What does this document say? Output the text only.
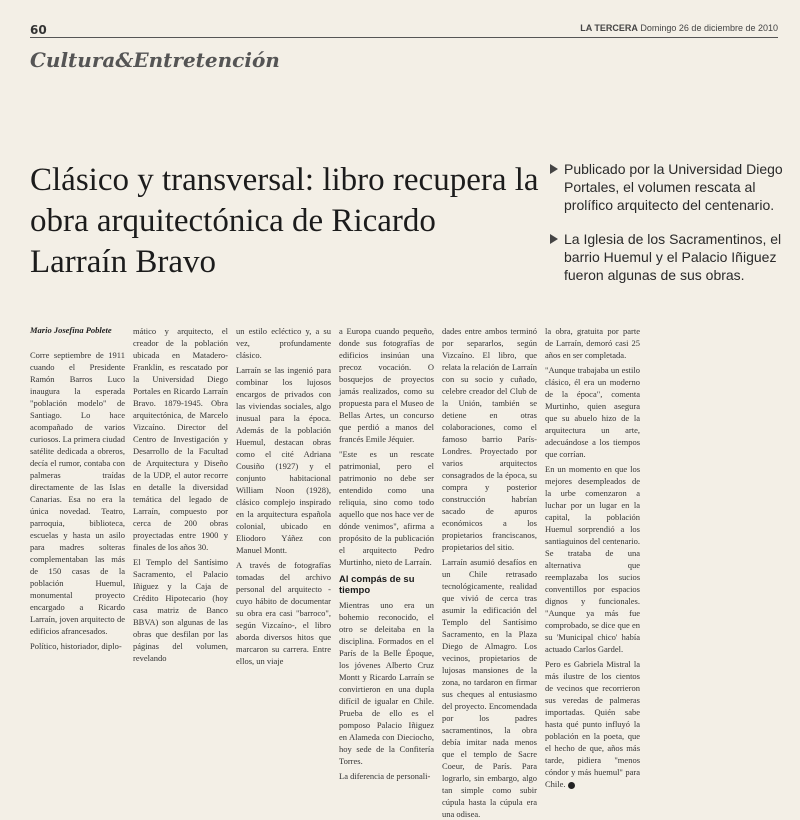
60	LA TERCERA Domingo 26 de diciembre de 2010
Cultura&Entretención
Clásico y transversal: libro recupera la obra arquitectónica de Ricardo Larraín Bravo
Publicado por la Universidad Diego Portales, el volumen rescata al prolífico arquitecto del centenario.
La Iglesia de los Sacramentinos, el barrio Huemul y el Palacio Iñiguez fueron algunas de sus obras.
Mario Josefina Poblete

Corre septiembre de 1911 cuando el Presidente Ramón Barros Luco inaugura la esperada "población modelo" de Santiago. Lo hace acompañado de varios curiosos. La primera ciudad satélite dedicada a obreros, decía el rumor, contaba con palmeras traídas directamente de las Islas Canarias. Esa no era la única novedad. Teatro, parroquia, biblioteca, escuelas y hasta un asilo para madres solteras complementaban las más de 150 casas de la población Huemul, monumental proyecto encargado a Ricardo Larraín, joven arquitecto de edificios afrancesados.

Político, historiador, diplo-

mático y arquitecto, el creador de la población ubicada en Matadero-Franklin, es rescatado por la Universidad Diego Portales en Ricardo Larraín Bravo. 1879-1945. Obra arquitectónica, de Marcelo Vizcaíno. Director del Centro de Investigación y Desarrollo de la Facultad de Arquitectura y Diseño de la UDP, el autor recorre en detalle la diversidad temática del legado de Larraín, compuesto por cerca de 200 obras proyectadas entre 1900 y finales de los años 30.

El Templo del Santísimo Sacramento, el Palacio Iñiguez y la Caja de Crédito Hipotecario (hoy casa matriz de Banco BBVA) son algunas de las obras que desfilan por las páginas del volumen, revelando

un estilo ecléctico y, a su vez, profundamente clásico.

Larraín se las ingenió para combinar los lujosos encargos de privados con las viviendas sociales, algo inusual para la época. Además de la población Huemul, destacan obras como el cité Adriana Cousiño (1927) y el conjunto habitacional William Noon (1928), clásico complejo inspirado en la arquitectura española colonial, ubicado en Eliodoro Yáñez con Manuel Montt.

A través de fotografías tomadas del archivo personal del arquitecto -cuyo hábito de documentar su obra era casi "barroco", según Vizcaíno-, el libro aborda diversos hitos que marcaron su carrera. Entre ellos, un viaje

a Europa cuando pequeño, donde sus fotografías de edificios insinúan una precoz vocación. O bosquejos de proyectos jamás realizados, como su propuesta para el Museo de Bellas Artes, un concurso que perdió a manos del francés Emile Jéquier.

"Este es un rescate patrimonial, pero el patrimonio no debe ser entendido como una reliquia, sino como todo aquello que nos hace ver de dónde venimos", afirma a propósito de la publicación el arquitecto Pedro Murtinho, nieto de Larraín.

Al compás de su tiempo

Mientras uno era un bohemio reconocido, el otro se deleitaba en la disciplina. Formados en el París de la Belle Époque, los jóvenes Alberto Cruz Montt y Ricardo Larraín se convirtieron en una dupla difícil de igualar en Chile. Prueba de ello es el pomposo Palacio Iñiguez en Alameda con Dieciocho, hoy sede de la Confitería Torres.

La diferencia de personali-

dades entre ambos terminó por separarlos, según Vizcaíno. El libro, que relata la relación de Larraín con su socio y cuñado, celebre creador del Club de la Unión, también se detiene en otras colaboraciones, como el famoso barrio París-Londres. Proyectado por varios arquitectos consagrados de la época, su compra y posterior construcción habrían sacado de apuros económicos a los propietarios franciscanos, propietarios del sitio.

Larraín asumió desafíos en un Chile retrasado tecnológicamente, realidad que vivió de cerca tras asumir la edificación del Templo del Santísimo Sacramento, en la Plaza Diego de Almagro. Los vecinos, propietarios de lujosas mansiones de la zona, no tardaron en firmar sus cheques al entusiasmo del proyecto. Encomendada por los padres sacramentinos, la obra debía imitar nada menos que el templo de Sacre Coeur, de París. Para lograrlo, sin embargo, algo tan simple como subir cúpula hasta la cúpula era una odisea.

la obra, gratuita por parte de Larraín, demoró casi 25 años en ser completada.

"Aunque trabajaba un estilo clásico, él era un moderno de la época", comenta Murtinho, quien asegura que su abuelo hizo de la arquitectura un arte, adecuándose a los tiempos que corrían.

En un momento en que los mejores desempleados de la urbe comenzaron a luchar por un lugar en la capital, la población Huemul sorprendió a los santiaguinos del centenario. Se trataba de una alternativa que reemplazaba los sucios conventillos por espacios dignos y funcionales. "Aunque ya más fue comprobado, se dice que en su 'Municipal chico' había actuado Carlos Gardel.

Pero es Gabriela Mistral la más ilustre de los cientos de vecinos que recorrieron sus veredas de palmeras importadas. Quién sabe hasta qué punto influyó la población en la poeta, que el hecho de que, años más tarde, pidiera "menos cóndor y más huemul" para Chile.
